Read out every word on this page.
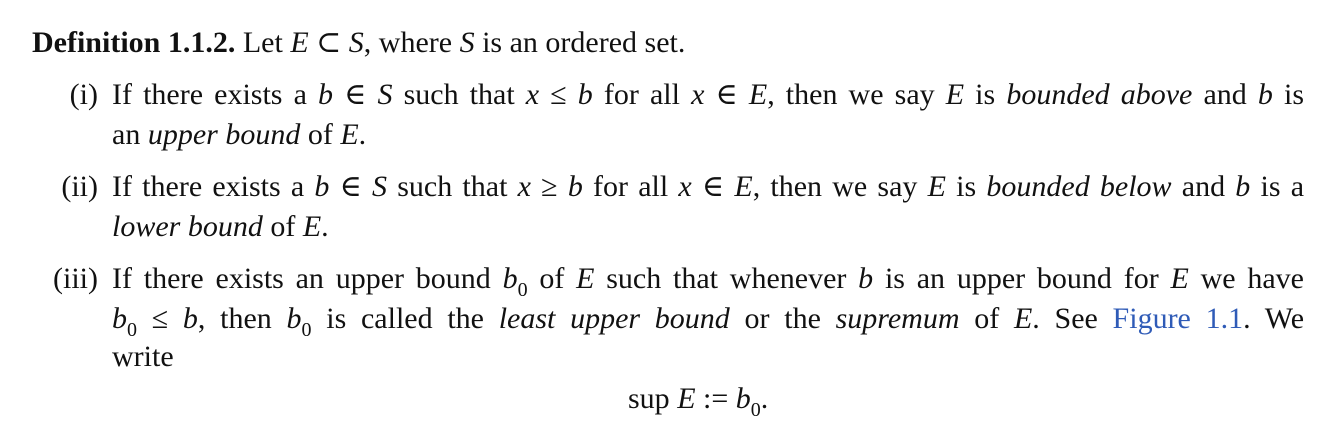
Definition 1.1.2. Let E ⊂ S, where S is an ordered set.
(i) If there exists a b ∈ S such that x ≤ b for all x ∈ E, then we say E is bounded above and b is
an upper bound of E.
(ii) If there exists a b ∈ S such that x ≥ b for all x ∈ E, then we say E is bounded below and b is a
lower bound of E.
(iii) If there exists an upper bound $b_0$ of E such that whenever b is an upper bound for E we have
$b_0 \le b$, then $b_0$ is called the least upper bound or the supremum of E. See Figure 1.1. We
write
sup E := $b_0$.
